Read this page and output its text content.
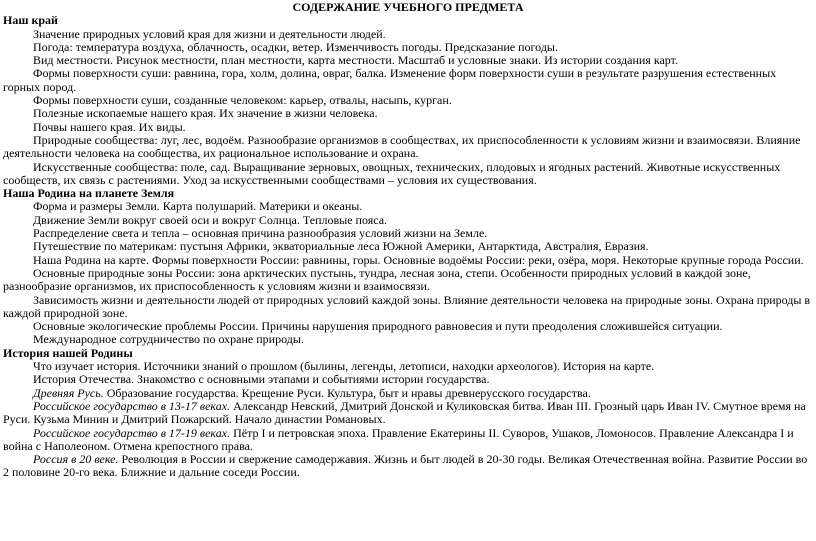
СОДЕРЖАНИЕ УЧЕБНОГО ПРЕДМЕТА
Наш край
Значение природных условий края для жизни и деятельности людей.
Погода: температура воздуха, облачность, осадки, ветер. Изменчивость погоды. Предсказание погоды.
Вид местности. Рисунок местности, план местности, карта местности. Масштаб и условные знаки. Из истории создания карт.
Формы поверхности суши: равнина, гора, холм, долина, овраг, балка. Изменение форм поверхности суши в результате разрушения естественных горных пород.
Формы поверхности суши, созданные человеком: карьер, отвалы, насыпь, курган.
Полезные ископаемые нашего края. Их значение в жизни человека.
Почвы нашего края. Их виды.
Природные сообщества: луг, лес, водоём. Разнообразие организмов в сообществах, их приспособленности к условиям жизни и взаимосвязи. Влияние деятельности человека на сообщества, их рациональное использование и охрана.
Искусственные сообщества: поле, сад. Выращивание зерновых, овощных, технических, плодовых и ягодных растений. Животные искусственных сообществ, их связь с растениями. Уход за искусственными сообществами – условия их существования.
Наша Родина на планете Земля
Форма и размеры Земли. Карта полушарий. Материки и океаны.
Движение Земли вокруг своей оси и вокруг Солнца. Тепловые пояса.
Распределение света и тепла – основная причина разнообразия условий жизни на Земле.
Путешествие по материкам: пустыня Африки, экваториальные леса Южной Америки, Антарктида, Австралия, Евразия.
Наша Родина на карте. Формы поверхности России: равнины, горы. Основные водоёмы России: реки, озёра, моря. Некоторые крупные города России.
Основные природные зоны России: зона арктических пустынь, тундра, лесная зона, степи. Особенности природных условий в каждой зоне, разнообразие организмов, их приспособленность к условиям жизни и взаимосвязи.
Зависимость жизни и деятельности людей от природных условий каждой зоны. Влияние деятельности человека на природные зоны. Охрана природы в каждой природной зоне.
Основные экологические проблемы России. Причины нарушения природного равновесия и пути преодоления сложившейся ситуации.
Международное сотрудничество по охране природы.
История нашей Родины
Что изучает история. Источники знаний о прошлом (былины, легенды, летописи, находки археологов). История на карте.
История Отечества. Знакомство с основными этапами и событиями истории государства.
Древняя Русь. Образование государства. Крещение Руси. Культура, быт и нравы древнерусского государства.
Российское государство в 13-17 веках. Александр Невский, Дмитрий Донской и Куликовская битва. Иван III. Грозный царь Иван IV. Смутное время на Руси. Кузьма Минин и Дмитрий Пожарский. Начало династии Романовых.
Российское государство в 17-19 веках. Пётр I и петровская эпоха. Правление Екатерины II. Суворов, Ушаков, Ломоносов. Правление Александра I и война с Наполеоном. Отмена крепостного права.
Россия в 20 веке. Революция в России и свержение самодержавия. Жизнь и быт людей в 20-30 годы. Великая Отечественная война. Развитие России во 2 половине 20-го века. Ближние и дальние соседи России.
